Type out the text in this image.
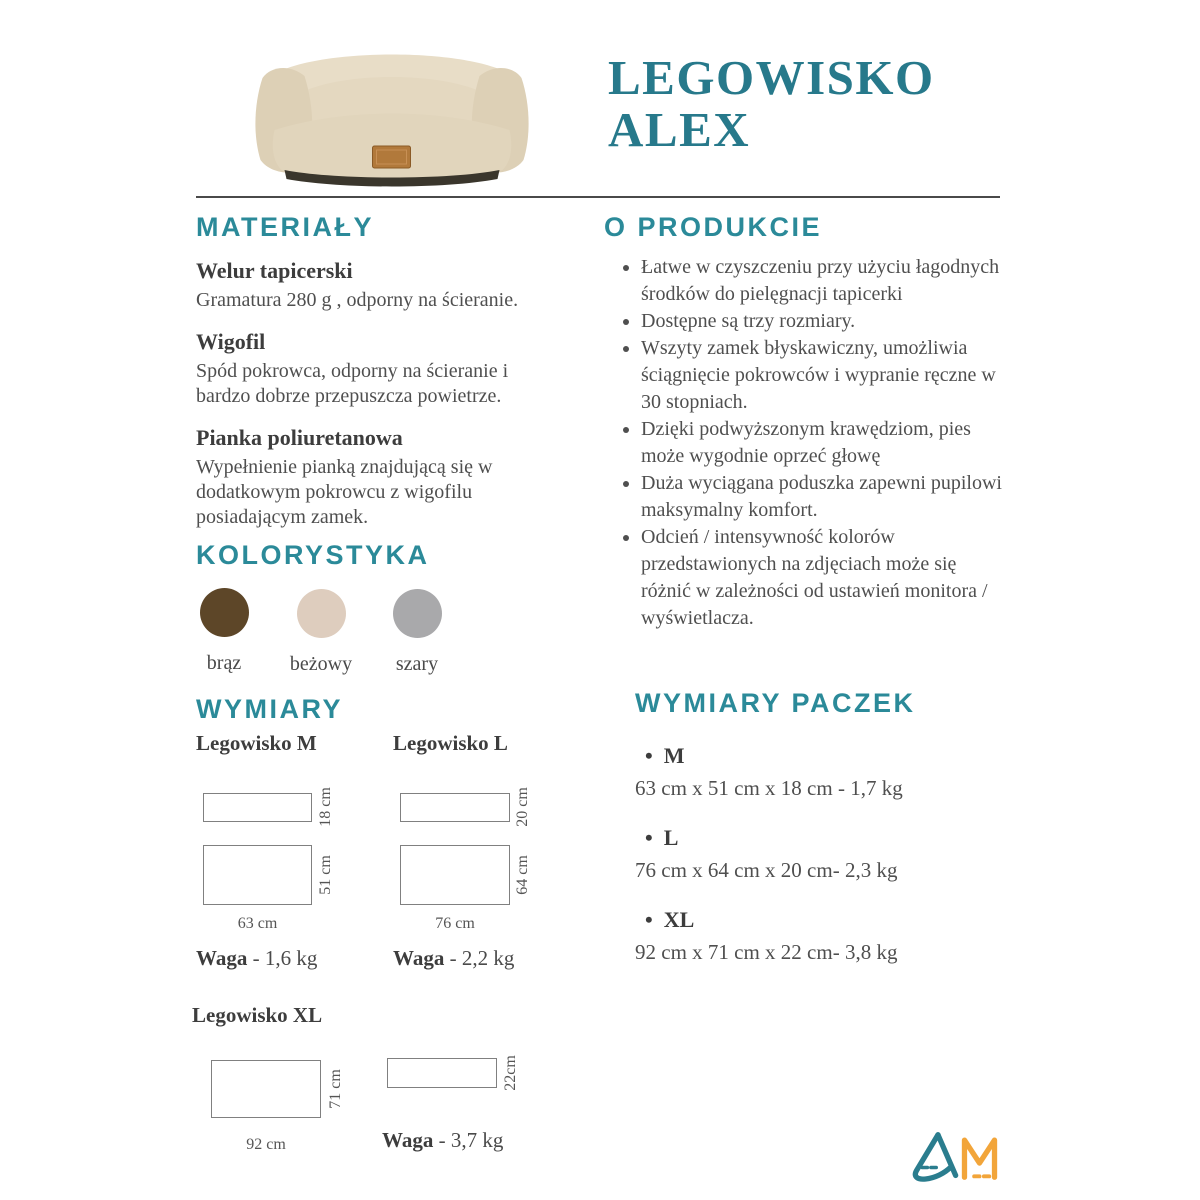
LEGOWISKO
ALEX
MATERIAŁY
Welur tapicerski
Gramatura 280 g , odporny na ścieranie.
Wigofil
Spód pokrowca, odporny na ścieranie i bardzo dobrze przepuszcza powietrze.
Pianka poliuretanowa
Wypełnienie pianką znajdującą się w dodatkowym pokrowcu z wigofilu posiadającym zamek.
O PRODUKCIE
• Łatwe w czyszczeniu przy użyciu łagodnych środków do pielęgnacji tapicerki
• Dostępne są trzy rozmiary.
• Wszyty zamek błyskawiczny, umożliwia ściągnięcie pokrowców i wypranie ręczne w 30 stopniach.
• Dzięki podwyższonym krawędziom, pies może wygodnie oprzeć głowę
• Duża wyciągana poduszka zapewni pupilowi maksymalny komfort.
• Odcień / intensywność kolorów przedstawionych na zdjęciach może się różnić w zależności od ustawień monitora / wyświetlacza.
KOLORYSTYKA
brąz	beżowy	szary
WYMIARY
Legowisko M
18 cm
51 cm
63 cm
Waga - 1,6 kg
Legowisko L
20 cm
64 cm
76 cm
Waga - 2,2 kg
Legowisko XL
71 cm
92 cm
22cm
Waga - 3,7 kg
WYMIARY PACZEK
•  M
63 cm x 51 cm x 18 cm - 1,7 kg
•  L
76 cm x 64 cm x 20 cm- 2,3 kg
•  XL
92 cm x 71 cm x 22 cm- 3,8 kg
